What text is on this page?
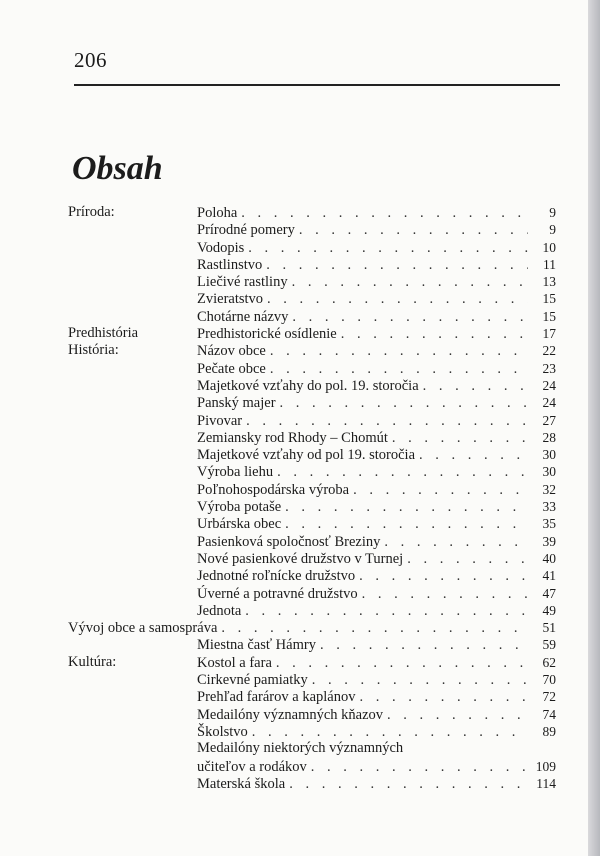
206
Obsah
Príroda:	Poloha . . .	9
Prírodné pomery . . .	9
Vodopis . . .	10
Rastlinstvo . . .	11
Liečivé rastliny . . .	13
Zvieratstvo . . .	15
Chotárne názvy . . .	15
Predhistória	Predhistorické osídlenie . . .	17
História:	Názov obce . . .	22
Pečate obce . . .	23
Majetkové vzťahy do pol. 19. storočia . . .	24
Panský majer . . .	24
Pivovar . . .	27
Zemiansky rod Rhody – Chomút . . .	28
Majetkové vzťahy od pol 19. storočia . . .	30
Výroba liehu . . .	30
Poľnohospodárska výroba . . .	32
Výroba potaše . . .	33
Urbárska obec . . .	35
Pasienková spoločnosť Breziny . . .	39
Nové pasienkové družstvo v Turnej . . .	40
Jednotné roľnícke družstvo . . .	41
Úverné a potravné družstvo . . .	47
Jednota . . .	49
Vývoj obce a samospráva . . .	51
Miestna časť Hámry . . .	59
Kultúra:	Kostol a fara . . .	62
Cirkevné pamiatky . . .	70
Prehľad farárov a kaplánov . . .	72
Medailóny významných kňazov . . .	74
Školstvo . . .	89
Medailóny niektorých významných
učiteľov a rodákov . . .	109
Materská škola . . .	114
